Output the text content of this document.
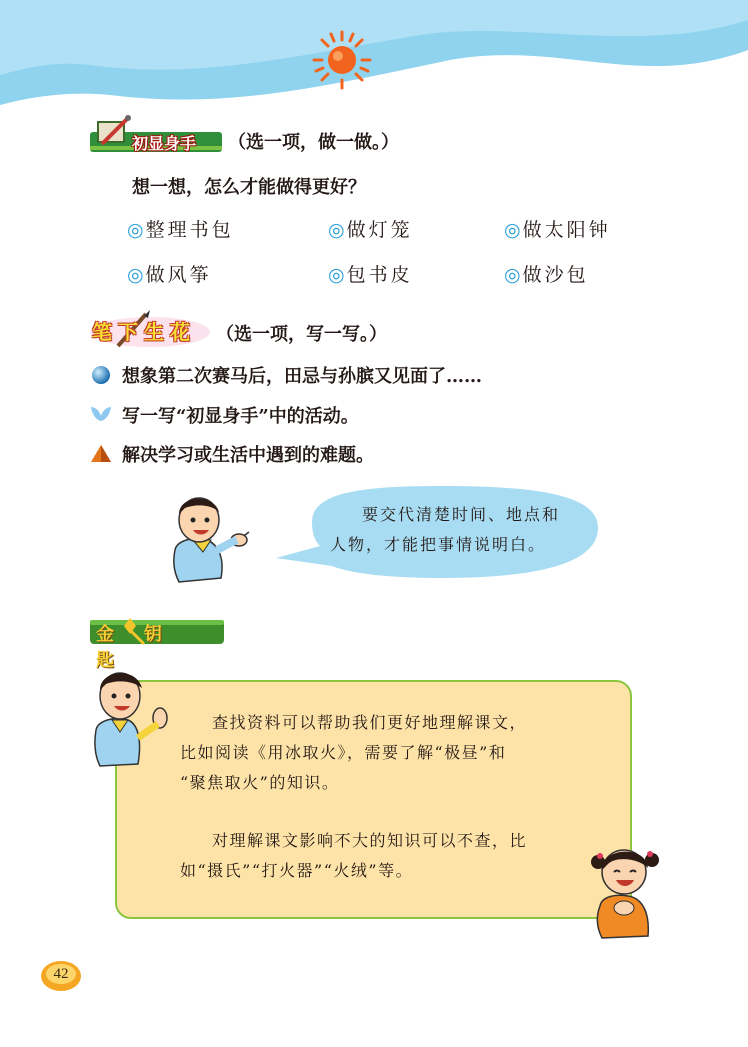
初显身手 （选一项，做一做。）
想一想，怎么才能做得更好？
◎ 整理书包	◎ 做灯笼	◎ 做太阳钟
◎ 做风筝	◎ 包书皮	◎ 做沙包
笔下生花 （选一项，写一写。）
想象第二次赛马后，田忌与孙膑又见面了……
写一写“初显身手”中的活动。
解决学习或生活中遇到的难题。
要交代清楚时间、地点和
人物，才能把事情说明白。
金钥匙
查找资料可以帮助我们更好地理解课文，
比如阅读《用冰取火》，需要了解“极昼”和
“聚焦取火”的知识。
对理解课文影响不大的知识可以不查，比
如“摄氏”“打火器”“火绒”等。
42
